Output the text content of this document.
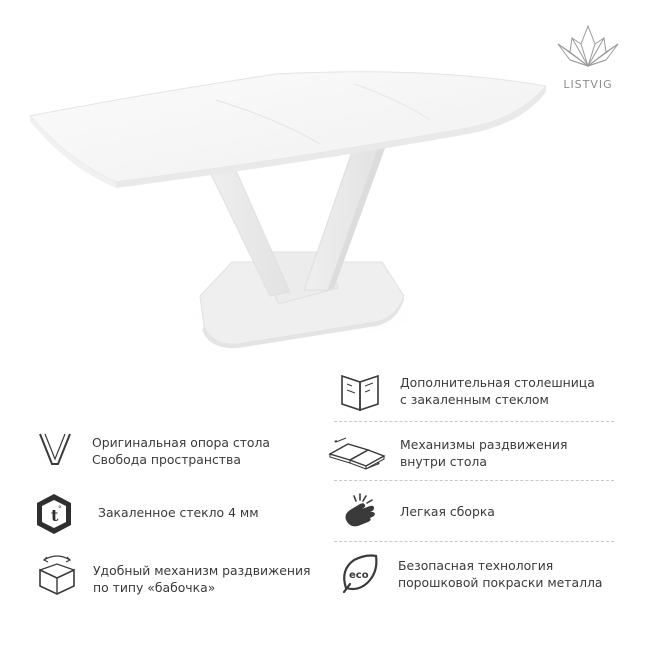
LISTVIG
Оригинальная опора стола
Свобода пространства
t °	Закаленное стекло 4 мм
Удобный механизм раздвижения
по типу «бабочка»
Дополнительная столешница
с закаленным стеклом
Механизмы раздвижения
внутри стола
Легкая сборка
eco
Безопасная технология
порошковой покраски металла
